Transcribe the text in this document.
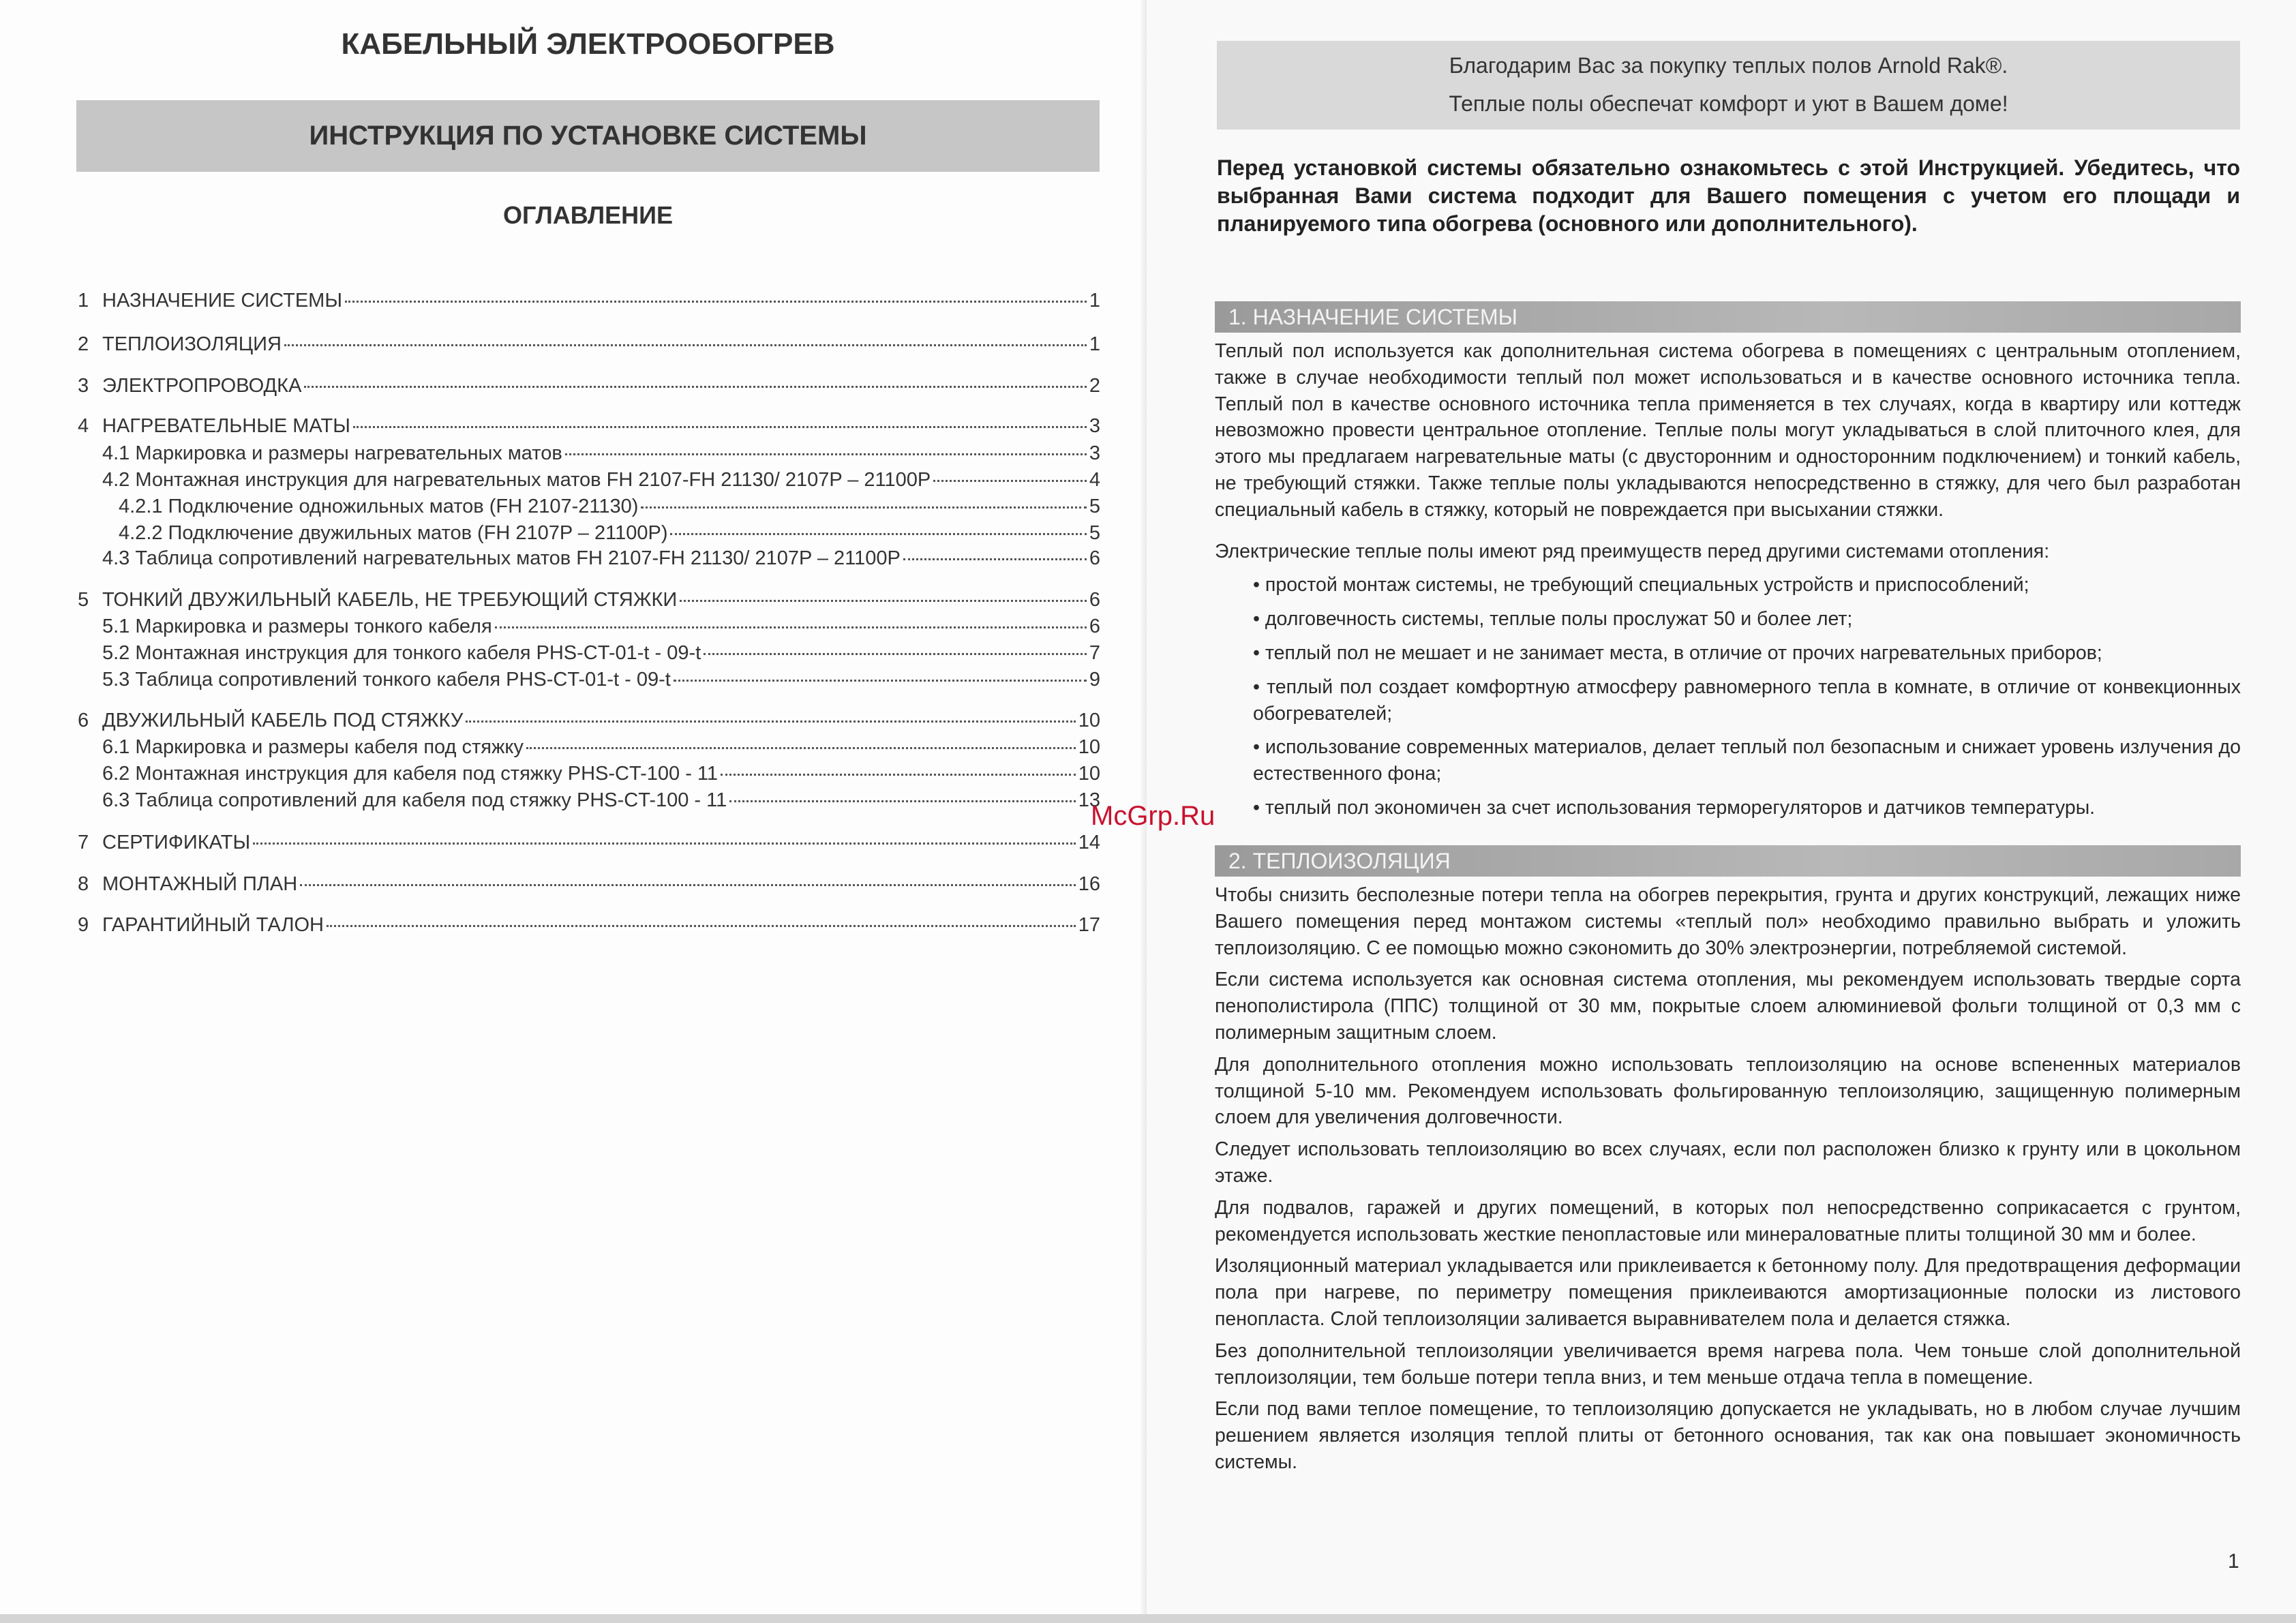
КАБЕЛЬНЫЙ ЭЛЕКТРООБОГРЕВ
ИНСТРУКЦИЯ ПО УСТАНОВКЕ СИСТЕМЫ
ОГЛАВЛЕНИЕ
1 НАЗНАЧЕНИЕ СИСТЕМЫ	1
2 ТЕПЛОИЗОЛЯЦИЯ	1
3 ЭЛЕКТРОПРОВОДКА	2
4 НАГРЕВАТЕЛЬНЫЕ МАТЫ	3
4.1 Маркировка и размеры нагревательных матов	3
4.2 Монтажная инструкция для нагревательных матов FH 2107-FH 21130/ 2107P – 21100P	4
4.2.1 Подключение одножильных матов (FH 2107-21130)	5
4.2.2 Подключение двужильных матов (FH 2107P – 21100P)	5
4.3 Таблица сопротивлений нагревательных матов FH 2107-FH 21130/ 2107P – 21100P	6
5 ТОНКИЙ ДВУЖИЛЬНЫЙ КАБЕЛЬ, НЕ ТРЕБУЮЩИЙ СТЯЖКИ	6
5.1 Маркировка и размеры тонкого кабеля	6
5.2 Монтажная инструкция для тонкого кабеля PHS-CT-01-t - 09-t	7
5.3 Таблица сопротивлений тонкого кабеля PHS-CT-01-t - 09-t	9
6 ДВУЖИЛЬНЫЙ КАБЕЛЬ ПОД СТЯЖКУ	10
6.1 Маркировка и размеры кабеля под стяжку	10
6.2 Монтажная инструкция для кабеля под стяжку PHS-CT-100 - 11	10
6.3 Таблица сопротивлений для кабеля под стяжку PHS-CT-100 - 11	13
7 СЕРТИФИКАТЫ	14
8 МОНТАЖНЫЙ ПЛАН	16
9 ГАРАНТИЙНЫЙ ТАЛОН	17
Благодарим Вас за покупку теплых полов Arnold Rak®.
Теплые полы обеспечат комфорт и уют в Вашем доме!
Перед установкой системы обязательно ознакомьтесь с этой Инструкцией. Убедитесь, что выбранная Вами система подходит для Вашего помещения с учетом его площади и планируемого типа обогрева (основного или дополнительного).
1. НАЗНАЧЕНИЕ СИСТЕМЫ

Теплый пол используется как дополнительная система обогрева в помещениях с центральным отоплением, также в случае необходимости теплый пол может использоваться и в качестве основного источника тепла. Теплый пол в качестве основного источника тепла применяется в тех случаях, когда в квартиру или коттедж невозможно провести центральное отопление. Теплые полы могут укладываться в слой плиточного клея, для этого мы предлагаем нагревательные маты (с двусторонним и односторонним подключением) и тонкий кабель, не требующий стяжки. Также теплые полы укладываются непосредственно в стяжку, для чего был разработан специальный кабель в стяжку, который не повреждается при высыхании стяжки.

Электрические теплые полы имеют ряд преимуществ перед другими системами отопления:

• простой монтаж системы, не требующий специальных устройств и приспособлений;
• долговечность системы, теплые полы прослужат 50 и более лет;
• теплый пол не мешает и не занимает места, в отличие от прочих нагревательных приборов;
• теплый пол создает комфортную атмосферу равномерного тепла в комнате, в отличие от конвекционных обогревателей;
• использование современных материалов, делает теплый пол безопасным и снижает уровень излучения до естественного фона;
• теплый пол экономичен за счет использования терморегуляторов и датчиков температуры.
2. ТЕПЛОИЗОЛЯЦИЯ

Чтобы снизить бесполезные потери тепла на обогрев перекрытия, грунта и других конструкций, лежащих ниже Вашего помещения перед монтажом системы «теплый пол» необходимо правильно выбрать и уложить теплоизоляцию. С ее помощью можно сэкономить до 30% электроэнергии, потребляемой системой.

Если система используется как основная система отопления, мы рекомендуем использовать твердые сорта пенополистирола (ППС) толщиной от 30 мм, покрытые слоем алюминиевой фольги толщиной от 0,3 мм с полимерным защитным слоем.

Для дополнительного отопления можно использовать теплоизоляцию на основе вспененных материалов толщиной 5-10 мм. Рекомендуем использовать фольгированную теплоизоляцию, защищенную полимерным слоем для увеличения долговечности.

Следует использовать теплоизоляцию во всех случаях, если пол расположен близко к грунту или в цокольном этаже.

Для подвалов, гаражей и других помещений, в которых пол непосредственно соприкасается с грунтом, рекомендуется использовать жесткие пенопластовые или минераловатные плиты толщиной 30 мм и более.

Изоляционный материал укладывается или приклеивается к бетонному полу. Для предотвращения деформации пола при нагреве, по периметру помещения приклеиваются амортизационные полоски из листового пенопласта. Слой теплоизоляции заливается выравнивателем пола и делается стяжка.

Без дополнительной теплоизоляции увеличивается время нагрева пола. Чем тоньше слой дополнительной теплоизоляции, тем больше потери тепла вниз, и тем меньше отдача тепла в помещение.

Если под вами теплое помещение, то теплоизоляцию допускается не укладывать, но в любом случае лучшим решением является изоляция теплой плиты от бетонного основания, так как она повышает экономичность системы.

1
McGrp.Ru
